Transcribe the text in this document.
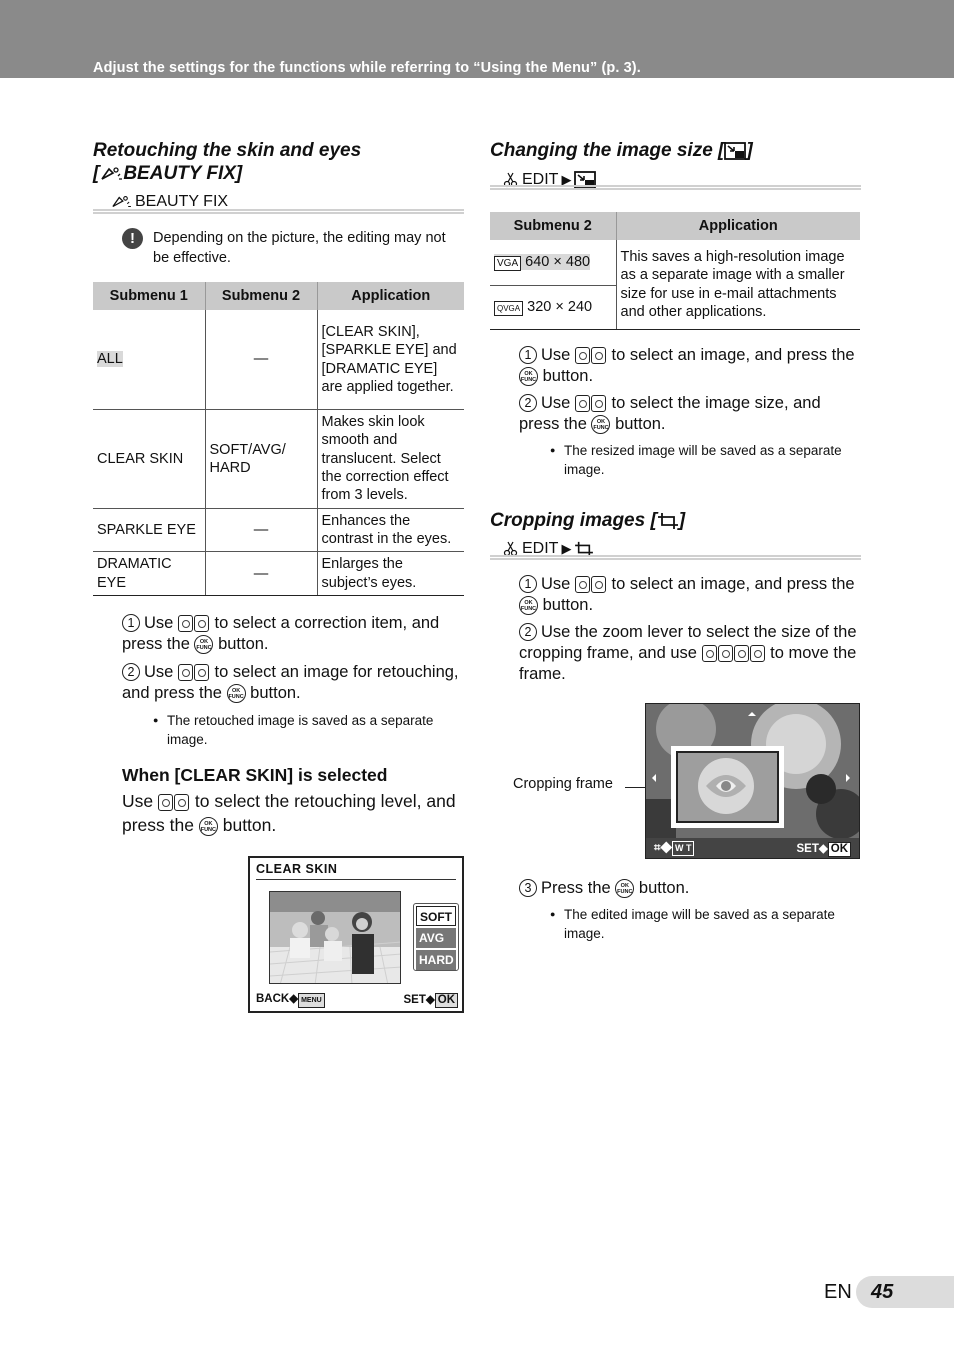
Adjust the settings for the functions while referring to “Using the Menu” (p. 3).
Retouching the skin and eyes
[ BEAUTY FIX]
BEAUTY FIX
!	Depending on the picture, the editing may not be effective.
Submenu 1	Submenu 2	Application
ALL	—	[CLEAR SKIN], [SPARKLE EYE] and [DRAMATIC EYE] are applied together.
CLEAR SKIN	SOFT/AVG/ HARD	Makes skin look smooth and translucent. Select the correction effect from 3 levels.
SPARKLE EYE	—	Enhances the contrast in the eyes.
DRAMATIC EYE	—	Enlarges the subject’s eyes.
1 Use to select a correction item, and press the OK
FUNC button.
2 Use to select an image for retouching, and press the OK
FUNC button.
● The retouched image is saved as a separate image.
When [CLEAR SKIN] is selected
Use to select the retouching level, and press the OK
FUNC button.
CLEAR SKIN
SOFT
AVG
HARD
BACK◆ MENU	SET◆ OK
Changing the image size [ ]
EDIT ▶
Submenu 2	Application
VGA 640 × 480	This saves a high-resolution image as a separate image with a smaller size for use in e-mail attachments and other applications.
QVGA 320 × 240	
1 Use to select an image, and press the OK
FUNC button.
2 Use to select the image size, and press the OK
FUNC button.
● The resized image will be saved as a separate image.
Cropping images [ ]
EDIT ▶
1 Use to select an image, and press the OK
FUNC button.
2 Use the zoom lever to select the size of the cropping frame, and use	to move the frame.
Cropping frame
⌗◆ W T	SET◆ OK
3 Press the OK
FUNC button.
● The edited image will be saved as a separate image.
EN 45
